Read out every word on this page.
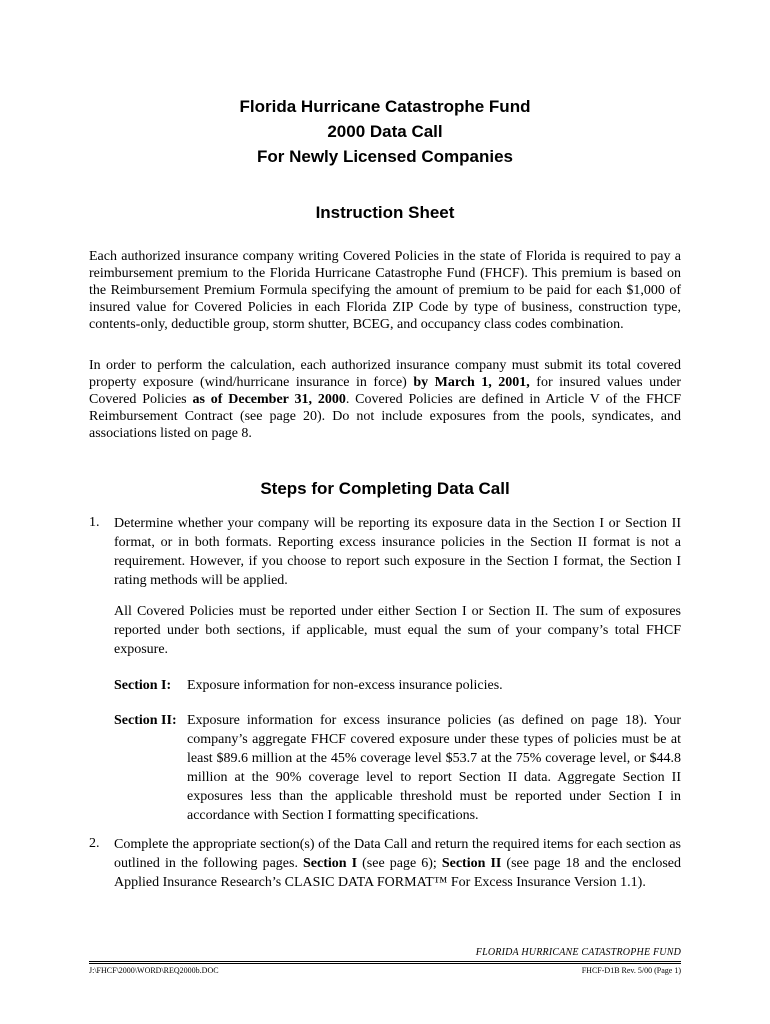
Florida Hurricane Catastrophe Fund
2000 Data Call
For Newly Licensed Companies
Instruction Sheet
Each authorized insurance company writing Covered Policies in the state of Florida is required to pay a reimbursement premium to the Florida Hurricane Catastrophe Fund (FHCF). This premium is based on the Reimbursement Premium Formula specifying the amount of premium to be paid for each $1,000 of insured value for Covered Policies in each Florida ZIP Code by type of business, construction type, contents-only, deductible group, storm shutter, BCEG, and occupancy class codes combination.
In order to perform the calculation, each authorized insurance company must submit its total covered property exposure (wind/hurricane insurance in force) by March 1, 2001, for insured values under Covered Policies as of December 31, 2000. Covered Policies are defined in Article V of the FHCF Reimbursement Contract (see page 20). Do not include exposures from the pools, syndicates, and associations listed on page 8.
Steps for Completing Data Call
1. Determine whether your company will be reporting its exposure data in the Section I or Section II format, or in both formats. Reporting excess insurance policies in the Section II format is not a requirement. However, if you choose to report such exposure in the Section I format, the Section I rating methods will be applied.
All Covered Policies must be reported under either Section I or Section II. The sum of exposures reported under both sections, if applicable, must equal the sum of your company’s total FHCF exposure.
Section I: Exposure information for non-excess insurance policies.
Section II: Exposure information for excess insurance policies (as defined on page 18). Your company’s aggregate FHCF covered exposure under these types of policies must be at least $89.6 million at the 45% coverage level $53.7 at the 75% coverage level, or $44.8 million at the 90% coverage level to report Section II data. Aggregate Section II exposures less than the applicable threshold must be reported under Section I in accordance with Section I formatting specifications.
2. Complete the appropriate section(s) of the Data Call and return the required items for each section as outlined in the following pages. Section I (see page 6); Section II (see page 18 and the enclosed Applied Insurance Research’s CLASIC DATA FORMAT™ For Excess Insurance Version 1.1).
FLORIDA HURRICANE CATASTROPHE FUND
J:\FHCF\2000\WORD\REQ2000b.DOC	FHCF-D1B Rev. 5/00 (Page 1)
